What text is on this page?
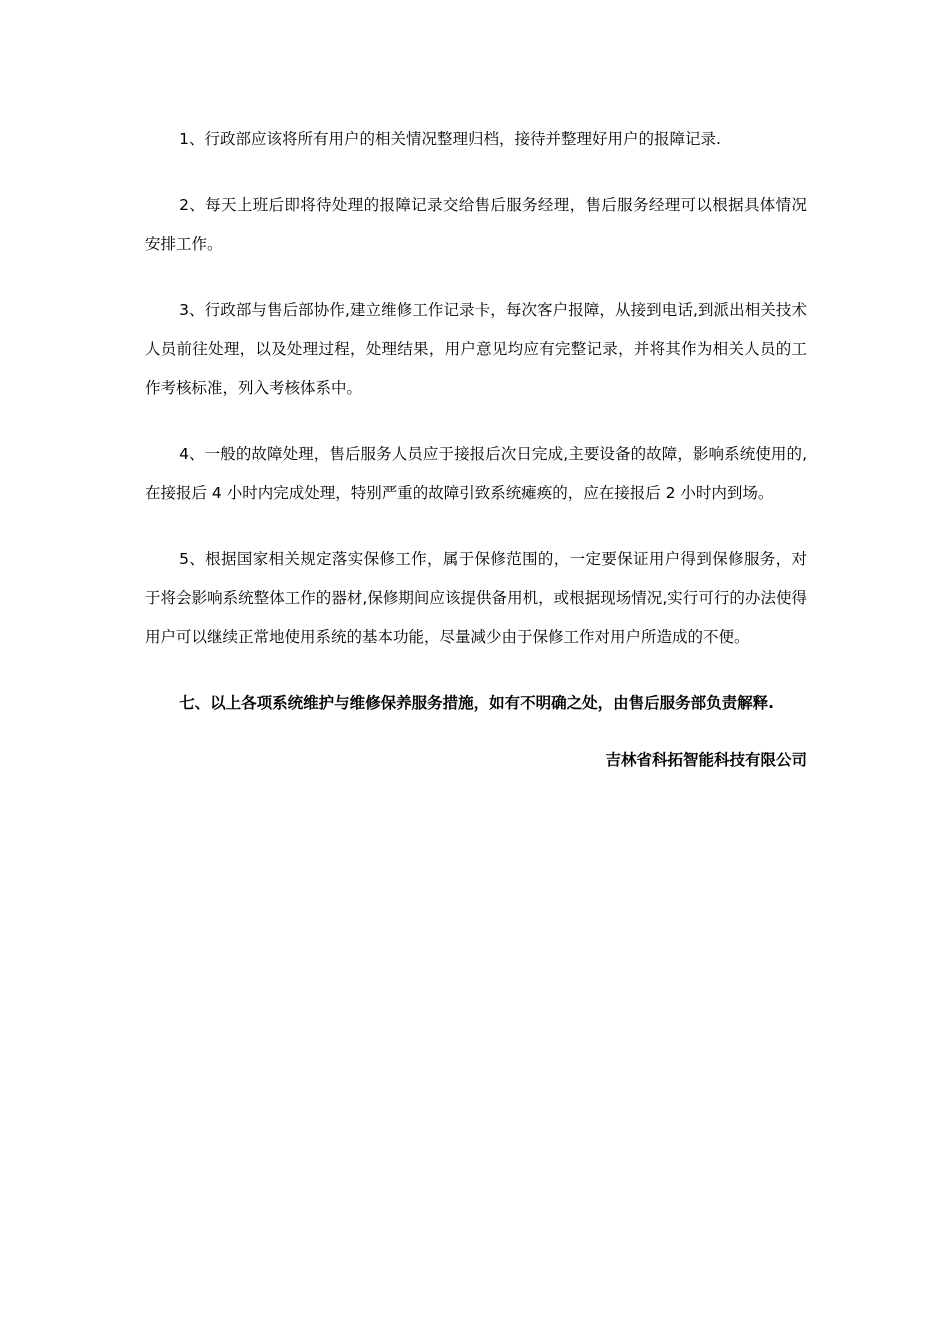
1、行政部应该将所有用户的相关情况整理归档，接待并整理好用户的报障记录.

2、每天上班后即将待处理的报障记录交给售后服务经理，售后服务经理可以根据具体情况安排工作。

3、行政部与售后部协作,建立维修工作记录卡，每次客户报障，从接到电话,到派出相关技术人员前往处理，以及处理过程，处理结果，用户意见均应有完整记录，并将其作为相关人员的工作考核标准，列入考核体系中。

4、一般的故障处理，售后服务人员应于接报后次日完成,主要设备的故障，影响系统使用的,在接报后 4 小时内完成处理，特别严重的故障引致系统瘫痪的，应在接报后 2 小时内到场。

5、根据国家相关规定落实保修工作，属于保修范围的，一定要保证用户得到保修服务，对于将会影响系统整体工作的器材,保修期间应该提供备用机，或根据现场情况,实行可行的办法使得用户可以继续正常地使用系统的基本功能，尽量减少由于保修工作对用户所造成的不便。

七、以上各项系统维护与维修保养服务措施，如有不明确之处，由售后服务部负责解释.

吉林省科拓智能科技有限公司
